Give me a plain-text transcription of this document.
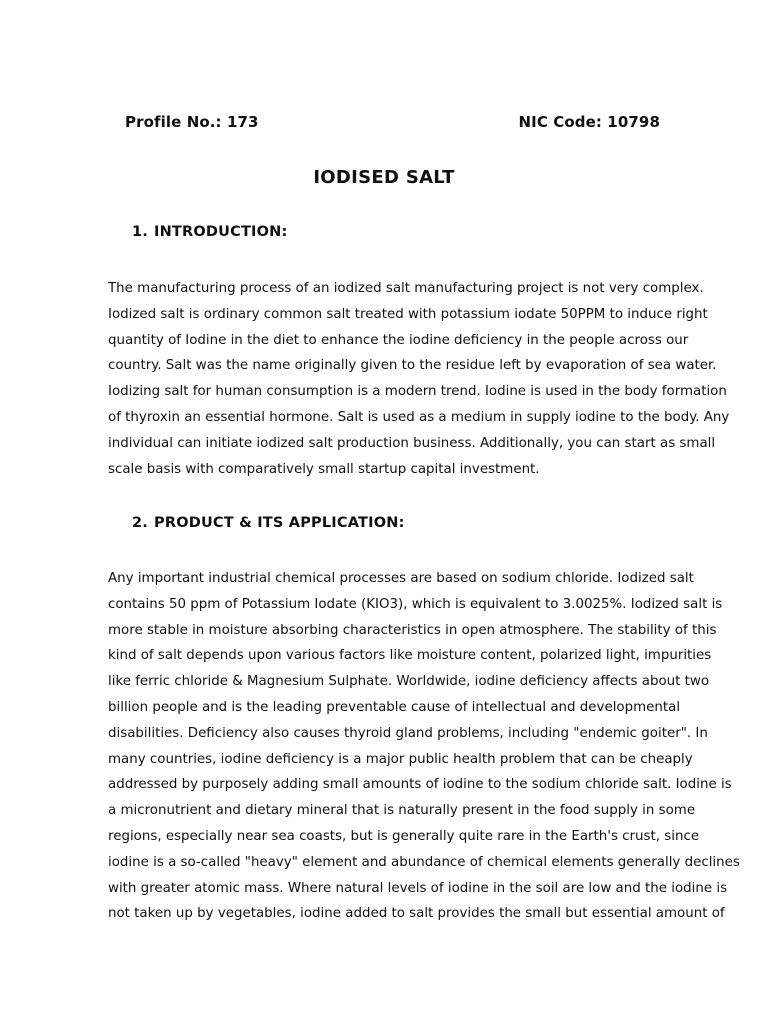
Profile No.: 173	NIC Code: 10798
IODISED SALT
1. INTRODUCTION:
The manufacturing process of an iodized salt manufacturing project is not very complex.
Iodized salt is ordinary common salt treated with potassium iodate 50PPM to induce right
quantity of Iodine in the diet to enhance the iodine deficiency in the people across our
country. Salt was the name originally given to the residue left by evaporation of sea water.
Iodizing salt for human consumption is a modern trend. Iodine is used in the body formation
of thyroxin an essential hormone. Salt is used as a medium in supply iodine to the body. Any
individual can initiate iodized salt production business. Additionally, you can start as small
scale basis with comparatively small startup capital investment.
2. PRODUCT & ITS APPLICATION:
Any important industrial chemical processes are based on sodium chloride. Iodized salt
contains 50 ppm of Potassium Iodate (KIO3), which is equivalent to 3.0025%. Iodized salt is
more stable in moisture absorbing characteristics in open atmosphere. The stability of this
kind of salt depends upon various factors like moisture content, polarized light, impurities
like ferric chloride & Magnesium Sulphate. Worldwide, iodine deficiency affects about two
billion people and is the leading preventable cause of intellectual and developmental
disabilities. Deficiency also causes thyroid gland problems, including "endemic goiter". In
many countries, iodine deficiency is a major public health problem that can be cheaply
addressed by purposely adding small amounts of iodine to the sodium chloride salt. Iodine is
a micronutrient and dietary mineral that is naturally present in the food supply in some
regions, especially near sea coasts, but is generally quite rare in the Earth's crust, since
iodine is a so-called "heavy" element and abundance of chemical elements generally declines
with greater atomic mass. Where natural levels of iodine in the soil are low and the iodine is
not taken up by vegetables, iodine added to salt provides the small but essential amount of
